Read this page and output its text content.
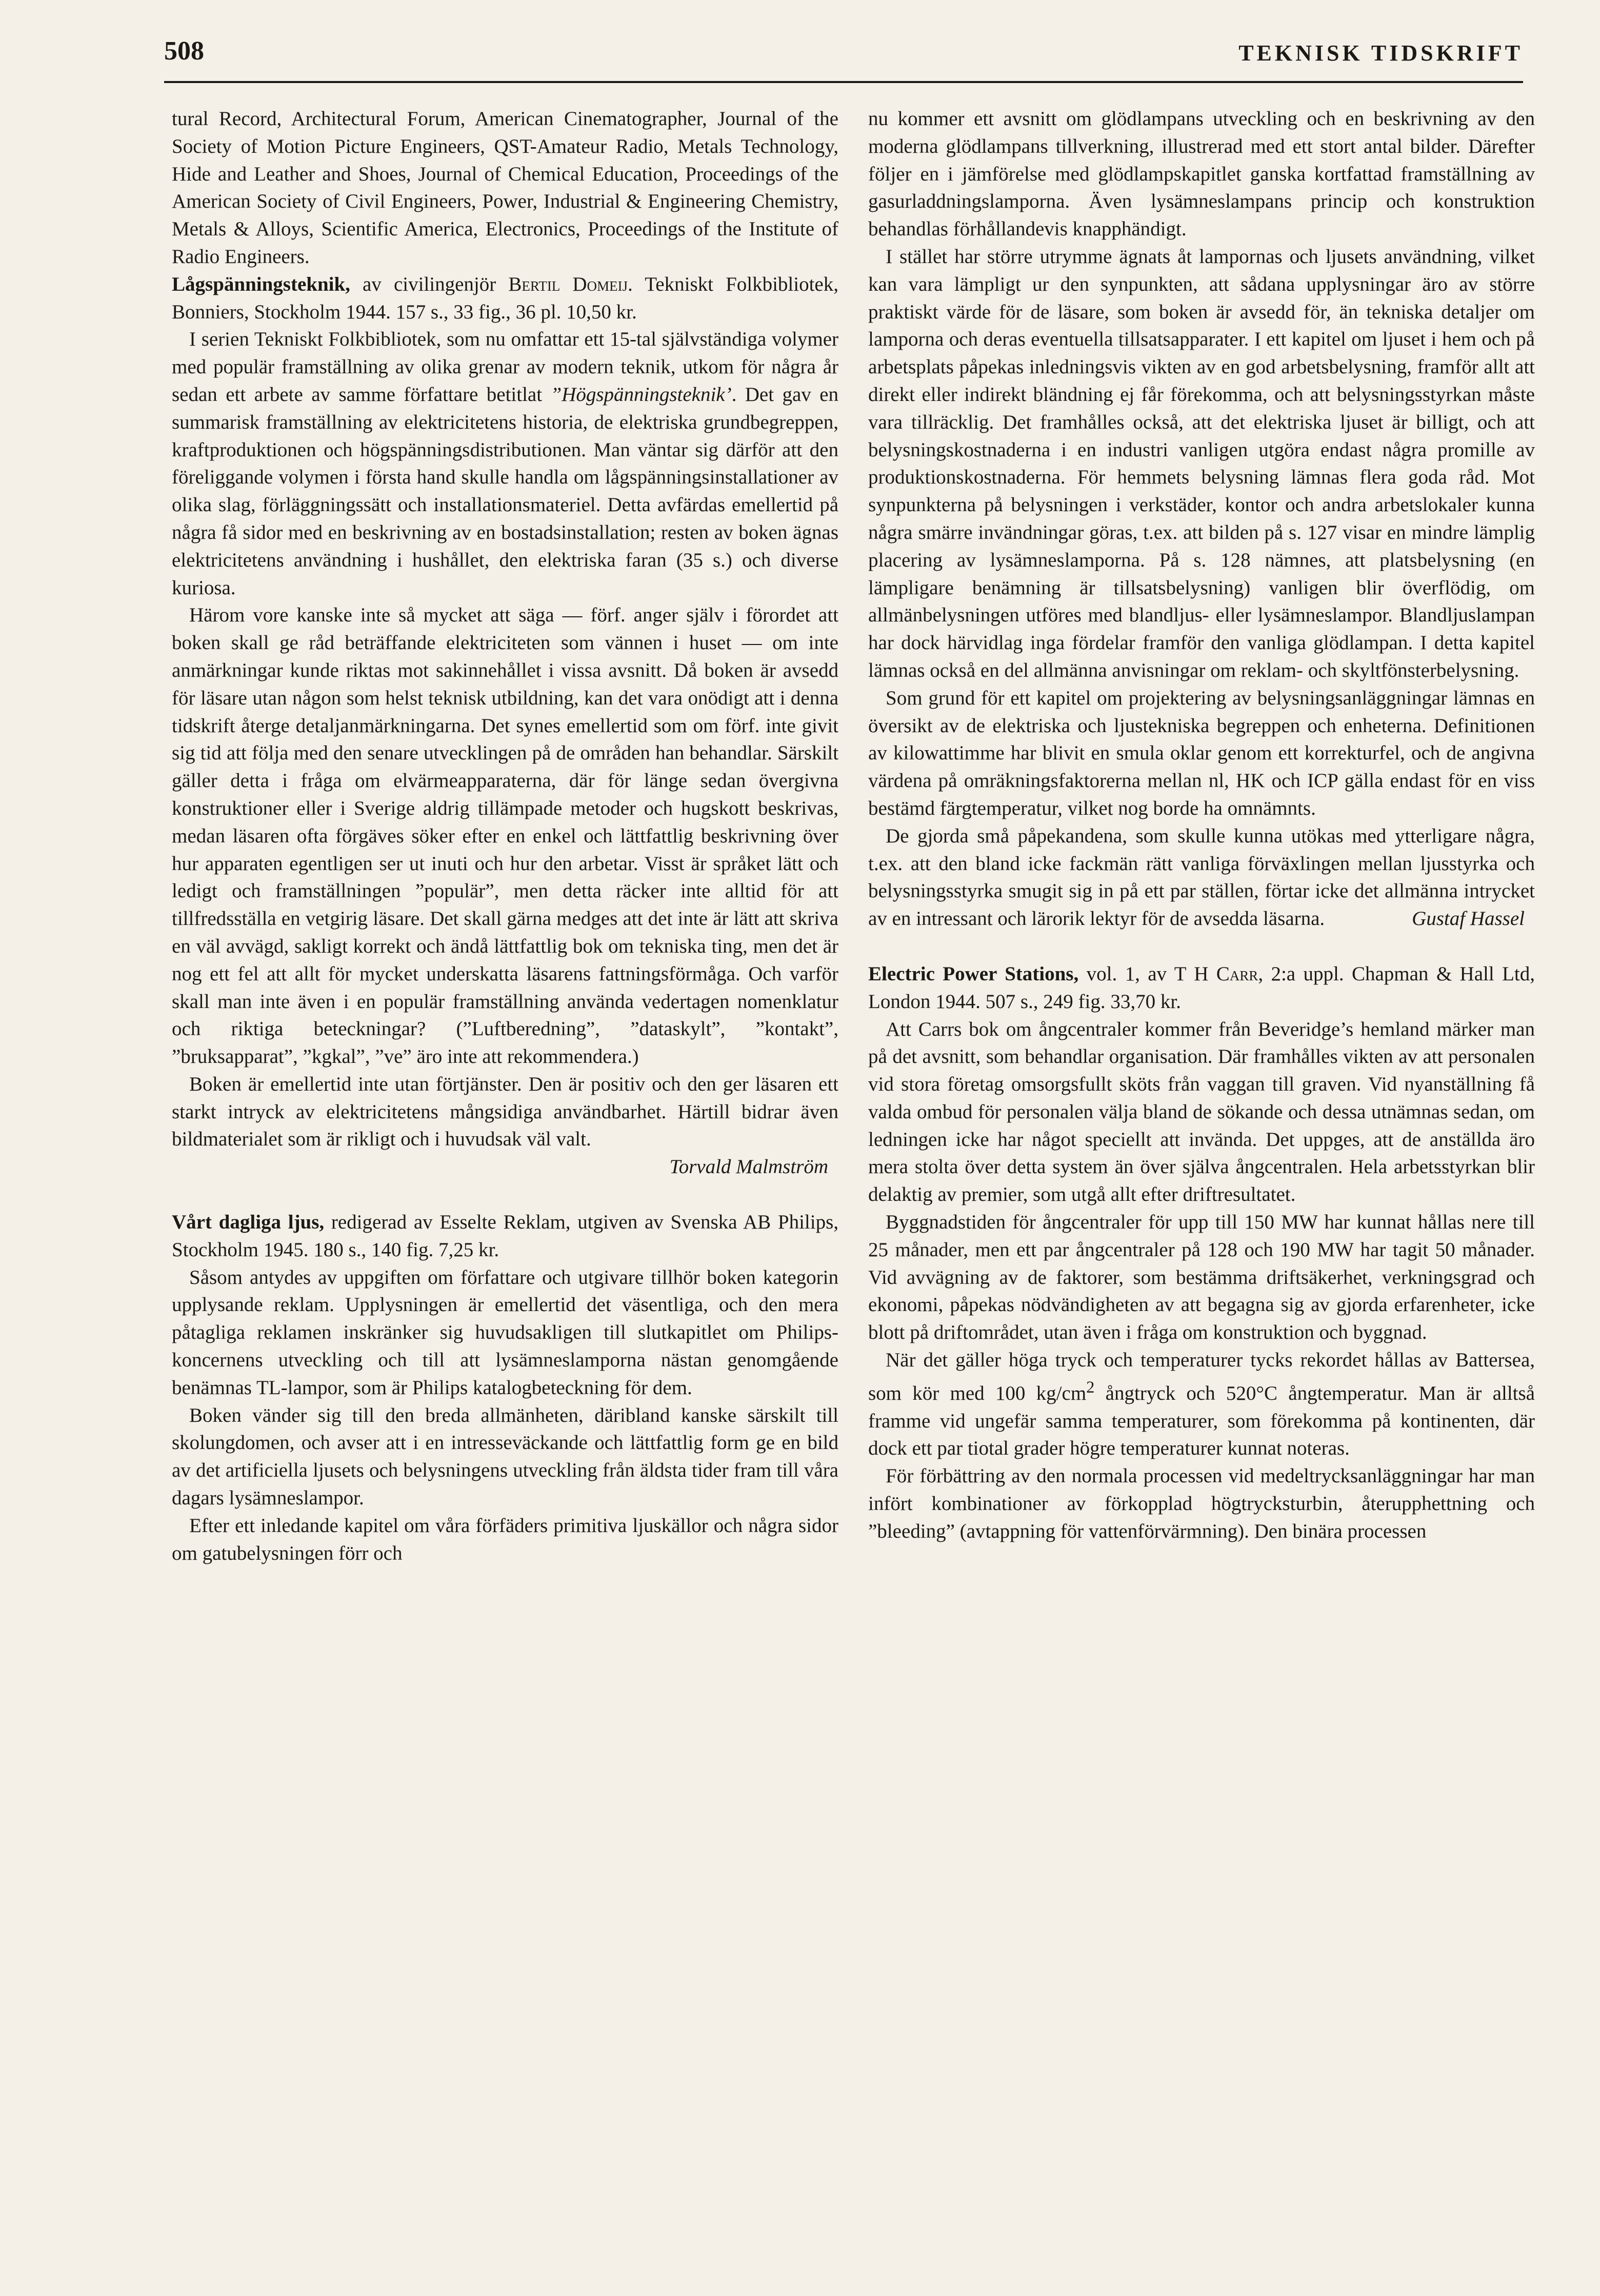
508	TEKNISK TIDSKRIFT

tural Record, Architectural Forum, American Cinematographer, Journal of the Society of Motion Picture Engineers, QST-Amateur Radio, Metals Technology, Hide and Leather and Shoes, Journal of Chemical Education, Proceedings of the American Society of Civil Engineers, Power, Industrial & Engineering Chemistry, Metals & Alloys, Scientific America, Electronics, Proceedings of the Institute of Radio Engineers.

Lågspänningsteknik, av civilingenjör Bertil Domeij. Tekniskt Folkbibliotek, Bonniers, Stockholm 1944. 157 s., 33 fig., 36 pl. 10,50 kr.

I serien Tekniskt Folkbibliotek, som nu omfattar ett 15-tal självständiga volymer med populär framställning av olika grenar av modern teknik, utkom för några år sedan ett arbete av samme författare betitlat ”Högspänningsteknik’. Det gav en summarisk framställning av elektricitetens historia, de elektriska grundbegreppen, kraftproduktionen och högspänningsdistributionen. Man väntar sig därför att den föreliggande volymen i första hand skulle handla om lågspänningsinstallationer av olika slag, förläggningssätt och installationsmateriel. Detta avfärdas emellertid på några få sidor med en beskrivning av en bostadsinstallation; resten av boken ägnas elektricitetens användning i hushållet, den elektriska faran (35 s.) och diverse kuriosa.

Härom vore kanske inte så mycket att säga — förf. anger själv i förordet att boken skall ge råd beträffande elektriciteten som vännen i huset — om inte anmärkningar kunde riktas mot sakinnehållet i vissa avsnitt. Då boken är avsedd för läsare utan någon som helst teknisk utbildning, kan det vara onödigt att i denna tidskrift återge detaljanmärkningarna. Det synes emellertid som om förf. inte givit sig tid att följa med den senare utvecklingen på de områden han behandlar. Särskilt gäller detta i fråga om elvärmeapparaterna, där för länge sedan övergivna konstruktioner eller i Sverige aldrig tillämpade metoder och hugskott beskrivas, medan läsaren ofta förgäves söker efter en enkel och lättfattlig beskrivning över hur apparaten egentligen ser ut inuti och hur den arbetar. Visst är språket lätt och ledigt och framställningen ”populär”, men detta räcker inte alltid för att tillfredsställa en vetgirig läsare. Det skall gärna medges att det inte är lätt att skriva en väl avvägd, sakligt korrekt och ändå lättfattlig bok om tekniska ting, men det är nog ett fel att allt för mycket underskatta läsarens fattningsförmåga. Och varför skall man inte även i en populär framställning använda vedertagen nomenklatur och riktiga beteckningar? (”Luftberedning”, ”dataskylt”, ”kontakt”, ”bruksapparat”, ”kgkal”, ”ve” äro inte att rekommendera.)

Boken är emellertid inte utan förtjänster. Den är positiv och den ger läsaren ett starkt intryck av elektricitetens mångsidiga användbarhet. Härtill bidrar även bildmaterialet som är rikligt och i huvudsak väl valt.

Torvald Malmström

Vårt dagliga ljus, redigerad av Esselte Reklam, utgiven av Svenska AB Philips, Stockholm 1945. 180 s., 140 fig. 7,25 kr.

Såsom antydes av uppgiften om författare och utgivare tillhör boken kategorin upplysande reklam. Upplysningen är emellertid det väsentliga, och den mera påtagliga reklamen inskränker sig huvudsakligen till slutkapitlet om Philips-koncernens utveckling och till att lysämneslamporna nästan genomgående benämnas TL-lampor, som är Philips katalogbeteckning för dem.

Boken vänder sig till den breda allmänheten, däribland kanske särskilt till skolungdomen, och avser att i en intresseväckande och lättfattlig form ge en bild av det artificiella ljusets och belysningens utveckling från äldsta tider fram till våra dagars lysämneslampor.

Efter ett inledande kapitel om våra förfäders primitiva ljuskällor och några sidor om gatubelysningen förr och

nu kommer ett avsnitt om glödlampans utveckling och en beskrivning av den moderna glödlampans tillverkning, illustrerad med ett stort antal bilder. Därefter följer en i jämförelse med glödlampskapitlet ganska kortfattad framställning av gasurladdningslamporna. Även lysämneslampans princip och konstruktion behandlas förhållandevis knapphändigt.

I stället har större utrymme ägnats åt lampornas och ljusets användning, vilket kan vara lämpligt ur den synpunkten, att sådana upplysningar äro av större praktiskt värde för de läsare, som boken är avsedd för, än tekniska detaljer om lamporna och deras eventuella tillsatsapparater. I ett kapitel om ljuset i hem och på arbetsplats påpekas inledningsvis vikten av en god arbetsbelysning, framför allt att direkt eller indirekt bländning ej får förekomma, och att belysningsstyrkan måste vara tillräcklig. Det framhålles också, att det elektriska ljuset är billigt, och att belysningskostnaderna i en industri vanligen utgöra endast några promille av produktionskostnaderna. För hemmets belysning lämnas flera goda råd. Mot synpunkterna på belysningen i verkstäder, kontor och andra arbetslokaler kunna några smärre invändningar göras, t.ex. att bilden på s. 127 visar en mindre lämplig placering av lysämneslamporna. På s. 128 nämnes, att platsbelysning (en lämpligare benämning är tillsatsbelysning) vanligen blir överflödig, om allmänbelysningen utföres med blandljus- eller lysämneslampor. Blandljuslampan har dock härvidlag inga fördelar framför den vanliga glödlampan. I detta kapitel lämnas också en del allmänna anvisningar om reklam- och skyltfönsterbelysning.

Som grund för ett kapitel om projektering av belysningsanläggningar lämnas en översikt av de elektriska och ljustekniska begreppen och enheterna. Definitionen av kilowattimme har blivit en smula oklar genom ett korrekturfel, och de angivna värdena på omräkningsfaktorerna mellan nl, HK och ICP gälla endast för en viss bestämd färgtemperatur, vilket nog borde ha omnämnts.

De gjorda små påpekandena, som skulle kunna utökas med ytterligare några, t.ex. att den bland icke fackmän rätt vanliga förväxlingen mellan ljusstyrka och belysningsstyrka smugit sig in på ett par ställen, förtar icke det allmänna intrycket av en intressant och lärorik lektyr för de avsedda läsarna.	Gustaf Hassel

Electric Power Stations, vol. 1, av T H Carr, 2:a uppl. Chapman & Hall Ltd, London 1944. 507 s., 249 fig. 33,70 kr.

Att Carrs bok om ångcentraler kommer från Beveridge’s hemland märker man på det avsnitt, som behandlar organisation. Där framhålles vikten av att personalen vid stora företag omsorgsfullt sköts från vaggan till graven. Vid nyanställning få valda ombud för personalen välja bland de sökande och dessa utnämnas sedan, om ledningen icke har något speciellt att invända. Det uppges, att de anställda äro mera stolta över detta system än över själva ångcentralen. Hela arbetsstyrkan blir delaktig av premier, som utgå allt efter driftresultatet.

Byggnadstiden för ångcentraler för upp till 150 MW har kunnat hållas nere till 25 månader, men ett par ångcentraler på 128 och 190 MW har tagit 50 månader. Vid avvägning av de faktorer, som bestämma driftsäkerhet, verkningsgrad och ekonomi, påpekas nödvändigheten av att begagna sig av gjorda erfarenheter, icke blott på driftområdet, utan även i fråga om konstruktion och byggnad.

När det gäller höga tryck och temperaturer tycks rekordet hållas av Battersea, som kör med 100 $kg/cm^2$ ångtryck och 520°C ångtemperatur. Man är alltså framme vid ungefär samma temperaturer, som förekomma på kontinenten, där dock ett par tiotal grader högre temperaturer kunnat noteras.

För förbättring av den normala processen vid medeltrycksanläggningar har man infört kombinationer av förkopplad högtrycksturbin, återupphettning och ”bleeding” (avtappning för vattenförvärmning). Den binära processen
